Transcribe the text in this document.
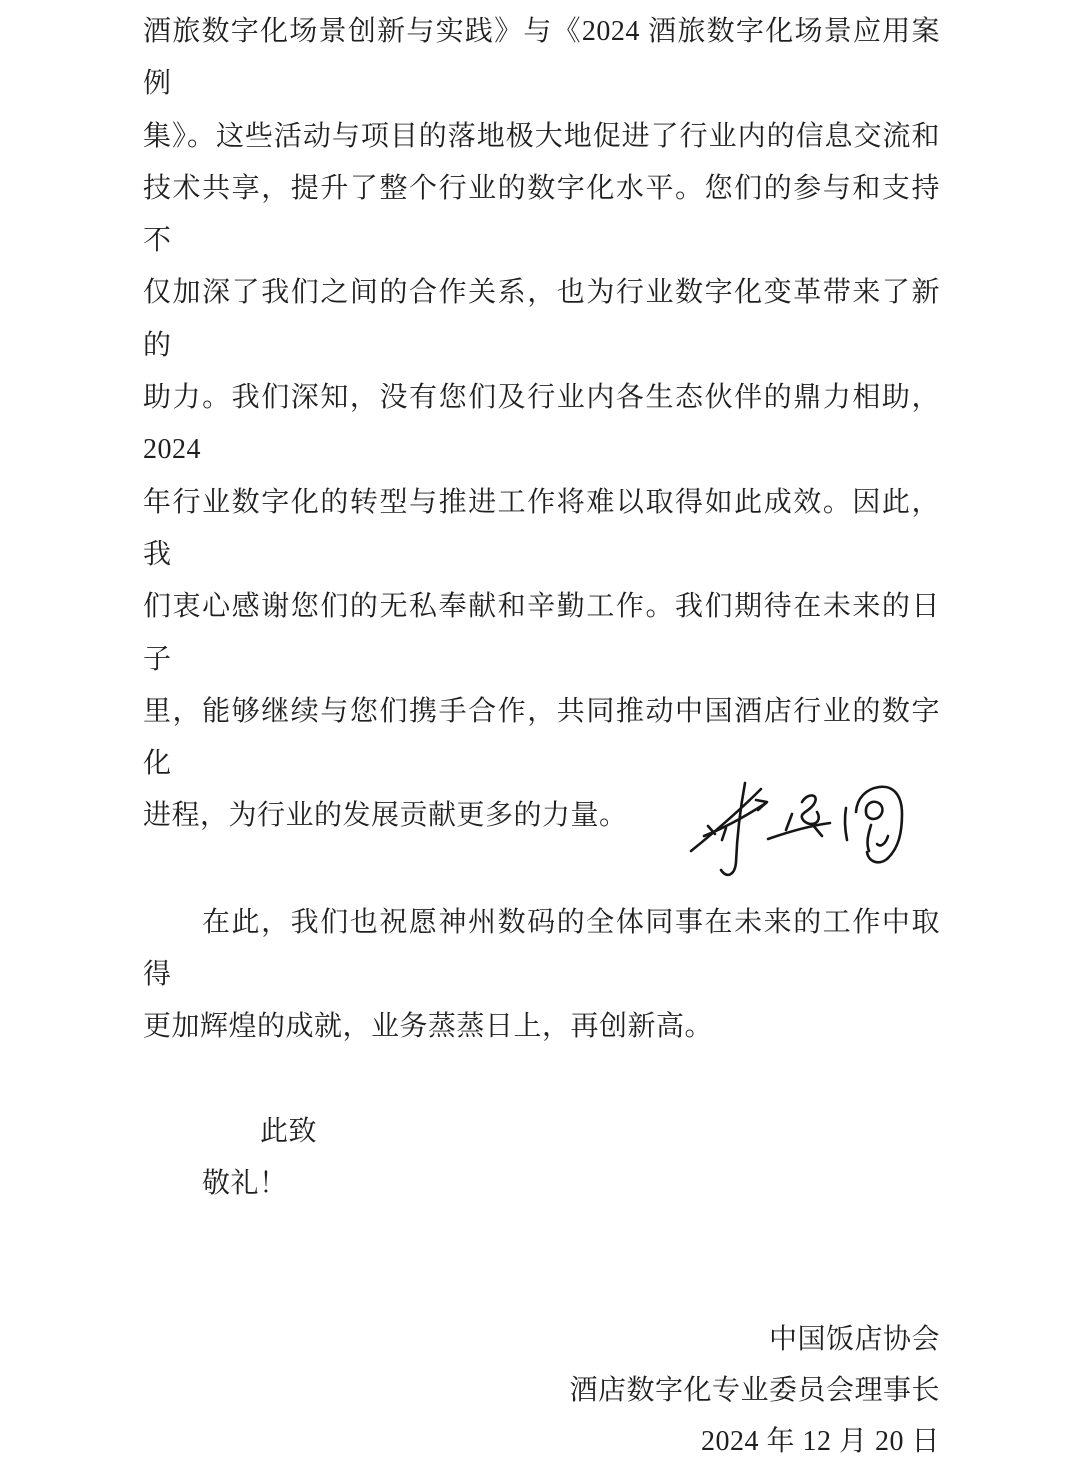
酒旅数字化场景创新与实践》与《2024 酒旅数字化场景应用案例
集》。这些活动与项目的落地极大地促进了行业内的信息交流和
技术共享，提升了整个行业的数字化水平。您们的参与和支持不
仅加深了我们之间的合作关系，也为行业数字化变革带来了新的
助力。我们深知，没有您们及行业内各生态伙伴的鼎力相助，2024
年行业数字化的转型与推进工作将难以取得如此成效。因此，我
们衷心感谢您们的无私奉献和辛勤工作。我们期待在未来的日子
里，能够继续与您们携手合作，共同推动中国酒店行业的数字化
进程，为行业的发展贡献更多的力量。
在此，我们也祝愿神州数码的全体同事在未来的工作中取得
更加辉煌的成就，业务蒸蒸日上，再创新高。
此致
敬礼！
中国饭店协会
酒店数字化专业委员会理事长
2024 年 12 月 20 日
